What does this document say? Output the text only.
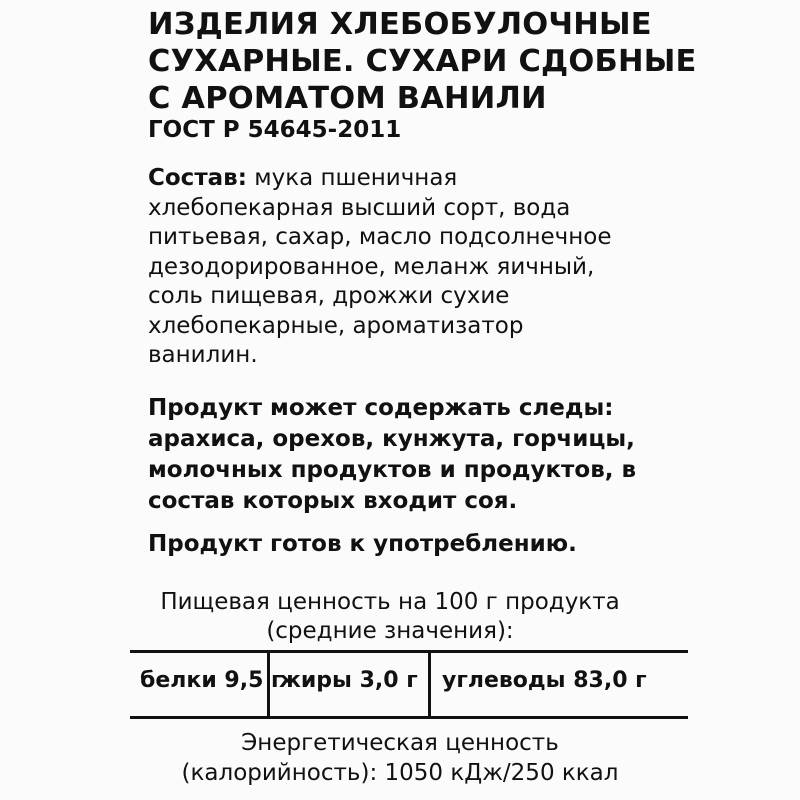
ИЗДЕЛИЯ ХЛЕБОБУЛОЧНЫЕ
СУХАРНЫЕ. СУХАРИ СДОБНЫЕ
С АРОМАТОМ ВАНИЛИ
ГОСТ Р 54645-2011
Состав: мука пшеничная
хлебопекарная высший сорт, вода
питьевая, сахар, масло подсолнечное
дезодорированное, меланж яичный,
соль пищевая, дрожжи сухие
хлебопекарные, ароматизатор
ванилин.
Продукт может содержать следы:
арахиса, орехов, кунжута, горчицы,
молочных продуктов и продуктов, в
состав которых входит соя.
Продукт готов к употреблению.
Пищевая ценность на 100 г продукта
(средние значения):
белки 9,5 г
жиры 3,0 г углеводы 83,0 г
Энергетическая ценность
(калорийность): 1050 кДж/250 ккал
